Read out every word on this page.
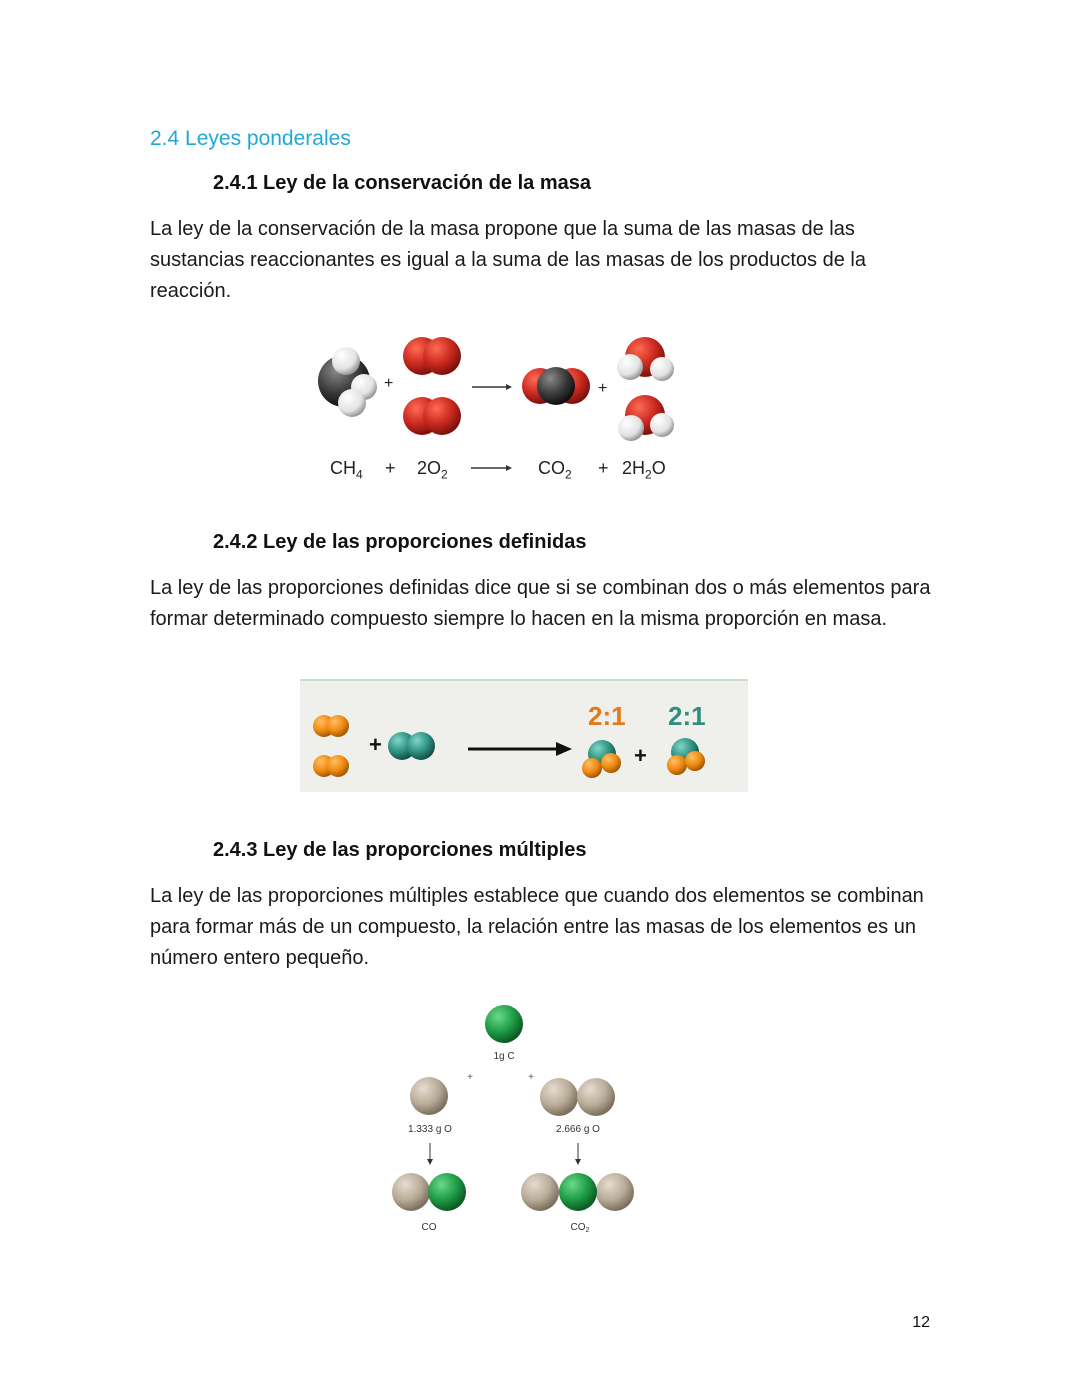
2.4 Leyes ponderales
2.4.1 Ley de la conservación de la masa
La ley de la conservación de la masa propone que la suma de las masas de las sustancias reaccionantes es igual a la suma de las masas de los productos de la reacción.
+	+
$CH_4 + 2O_2$	$CO_2 + 2H_2O$
2.4.2 Ley de las proporciones definidas
La ley de las proporciones definidas dice que si se combinan dos o más elementos para formar determinado compuesto siempre lo hacen en la misma proporción en masa.
+
2:1 2:1
+
2.4.3 Ley de las proporciones múltiples
La ley de las proporciones múltiples establece que cuando dos elementos se combinan para formar más de un compuesto, la relación entre las masas de los elementos es un número entero pequeño.
1g C
+	+
1.333 g O	2.666 g O
CO	$CO_2$
12
